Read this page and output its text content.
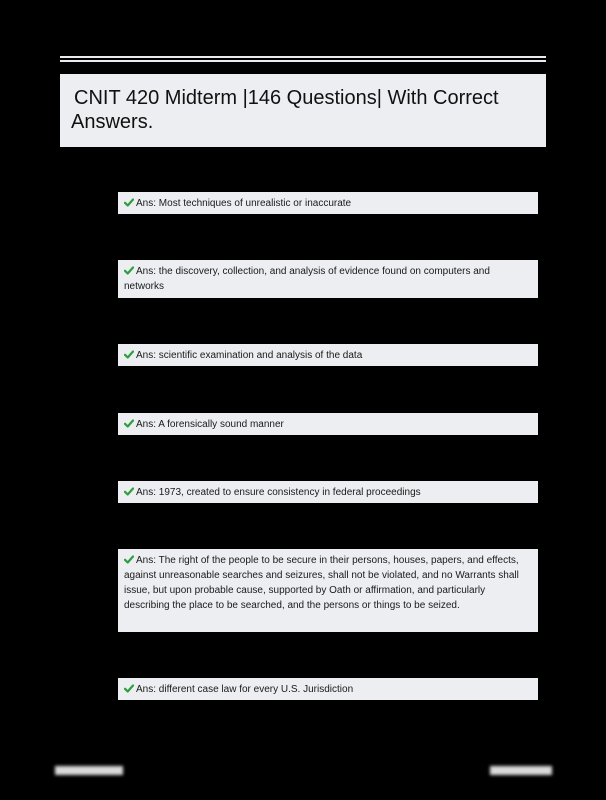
CNIT 420 Midterm |146 Questions| With Correct Answers.
Ans: Most techniques of unrealistic or inaccurate
Ans: the discovery, collection, and analysis of evidence found on computers and networks
Ans: scientific examination and analysis of the data
Ans: A forensically sound manner
Ans: 1973, created to ensure consistency in federal proceedings
Ans: The right of the people to be secure in their persons, houses, papers, and effects, against unreasonable searches and seizures, shall not be violated, and no Warrants shall issue, but upon probable cause, supported by Oath or affirmation, and particularly describing the place to be searched, and the persons or things to be seized.
Ans: different case law for every U.S. Jurisdiction
